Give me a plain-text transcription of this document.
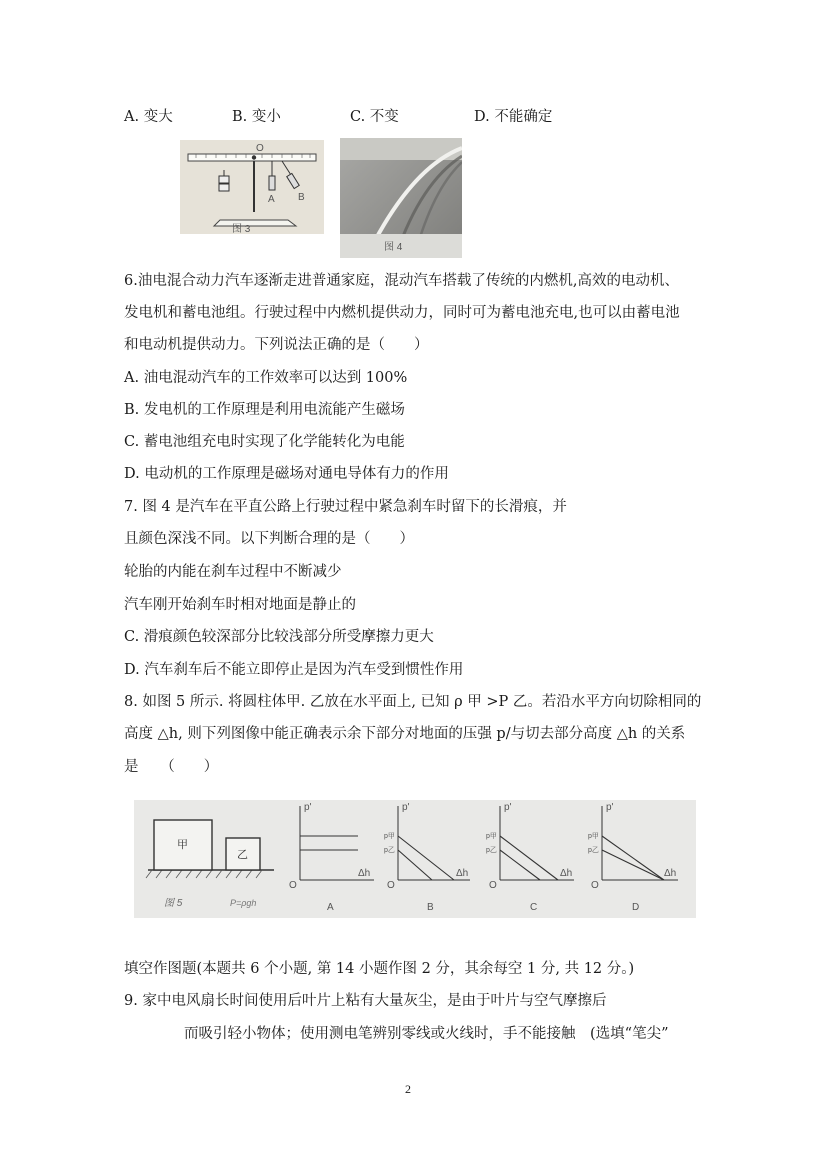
A. 变大	B. 变小	C. 不变	D. 不能确定
O
A B
图 3
图 4
6.油电混合动力汽车逐渐走进普通家庭，混动汽车搭载了传统的内燃机,高效的电动机、
发电机和蓄电池组。行驶过程中内燃机提供动力，同时可为蓄电池充电,也可以由蓄电池
和电动机提供动力。下列说法正确的是（　　）
A. 油电混动汽车的工作效率可以达到 100%
B. 发电机的工作原理是利用电流能产生磁场
C. 蓄电池组充电时实现了化学能转化为电能
D. 电动机的工作原理是磁场对通电导体有力的作用
7. 图 4 是汽车在平直公路上行驶过程中紧急刹车时留下的长滑痕，并
且颜色深浅不同。以下判断合理的是（　　）
轮胎的内能在刹车过程中不断减少
汽车刚开始刹车时相对地面是静止的
C. 滑痕颜色较深部分比较浅部分所受摩擦力更大
D. 汽车刹车后不能立即停止是因为汽车受到惯性作用
8. 如图 5 所示. 将圆柱体甲. 乙放在水平面上, 已知 ρ 甲 >P 乙。若沿水平方向切除相同的
高度 △h, 则下列图像中能正确表示余下部分对地面的压强 p/与切去部分高度 △h 的关系
是　　（　　）
甲
乙
图 5	P=ρgh
p'
Δh
O
A
p'
p甲
p乙
Δh
O
B
p'
p甲
p乙
Δh
O
C
p'
p甲
p乙
Δh
O
D
填空作图题(本题共 6 个小题, 第 14 小题作图 2 分，其余每空 1 分, 共 12 分。)
9. 家中电风扇长时间使用后叶片上粘有大量灰尘，是由于叶片与空气摩擦后
而吸引轻小物体；使用测电笔辨别零线或火线时，手不能接触　(选填“笔尖”
2
